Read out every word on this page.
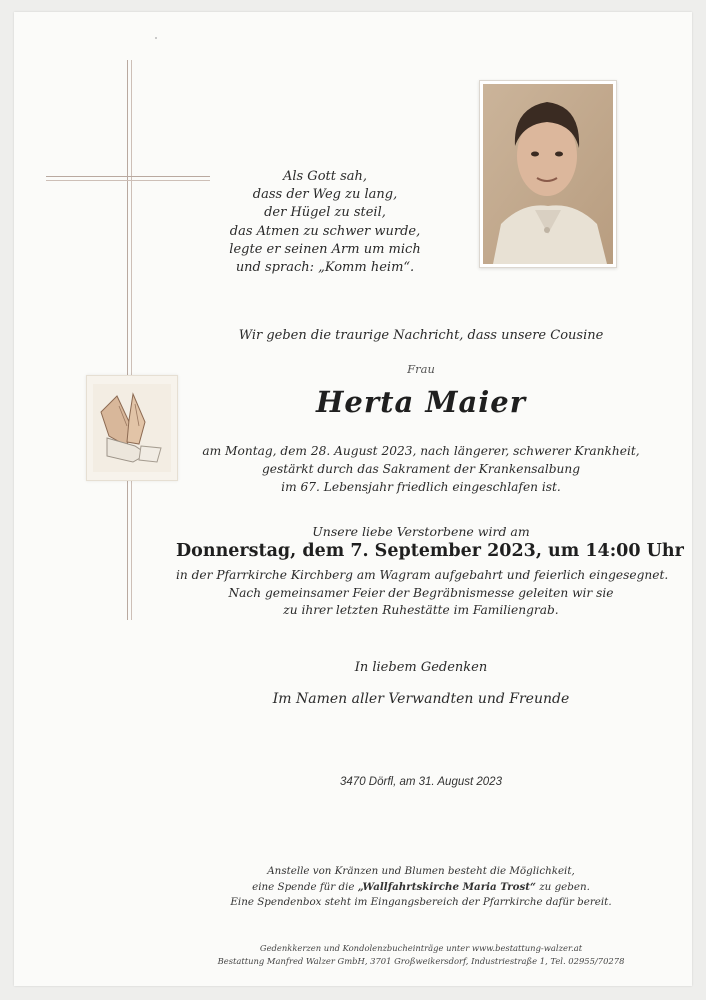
Als Gott sah,
dass der Weg zu lang,
der Hügel zu steil,
das Atmen zu schwer wurde,
legte er seinen Arm um mich
und sprach: „Komm heim“.
Wir geben die traurige Nachricht, dass unsere Cousine
Frau
Herta Maier
am Montag, dem 28. August 2023, nach längerer, schwerer Krankheit,
gestärkt durch das Sakrament der Krankensalbung
im 67. Lebensjahr friedlich eingeschlafen ist.
Unsere liebe Verstorbene wird am
Donnerstag, dem 7. September 2023, um 14:00 Uhr
in der Pfarrkirche Kirchberg am Wagram aufgebahrt und feierlich eingesegnet.
Nach gemeinsamer Feier der Begräbnismesse geleiten wir sie
zu ihrer letzten Ruhestätte im Familiengrab.
In liebem Gedenken
Im Namen aller Verwandten und Freunde
3470 Dörfl, am 31. August 2023
Anstelle von Kränzen und Blumen besteht die Möglichkeit,
eine Spende für die „Wallfahrtskirche Maria Trost“ zu geben.
Eine Spendenbox steht im Eingangsbereich der Pfarrkirche dafür bereit.
Gedenkkerzen und Kondolenzbucheinträge unter www.bestattung-walzer.at
Bestattung Manfred Walzer GmbH, 3701 Großweikersdorf, Industriestraße 1, Tel. 02955/70278
